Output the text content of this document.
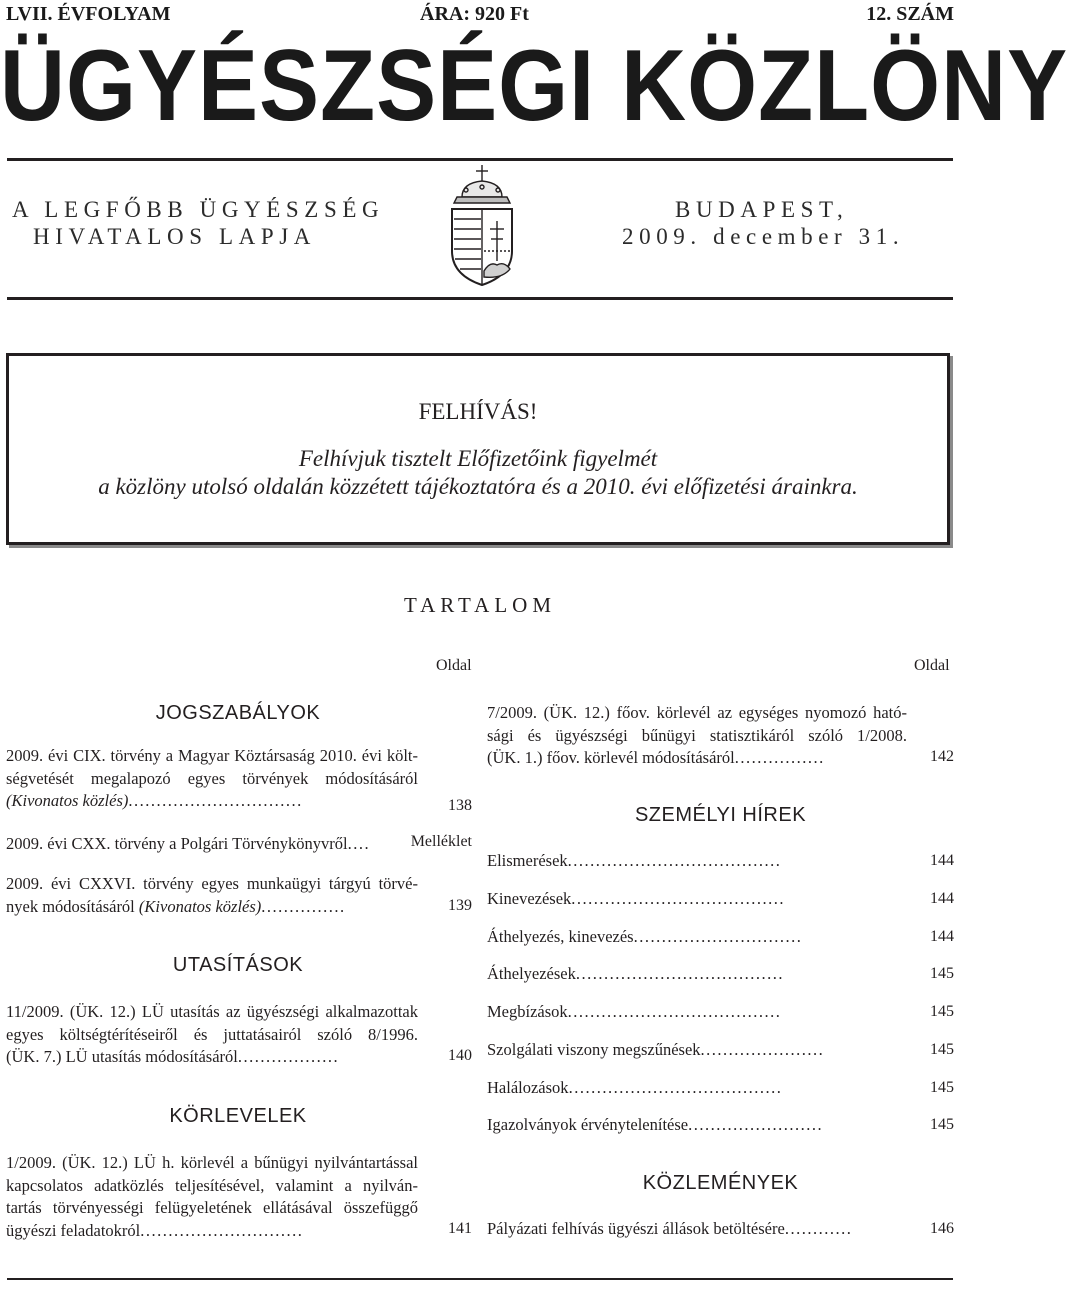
LVII. ÉVFOLYAM	ÁRA: 920 Ft	12. SZÁM
ÜGYÉSZSÉGI KÖZLÖNY
A LEGFŐBB ÜGYÉSZSÉG
HIVATALOS LAPJA
BUDAPEST,
2009. december 31.
FELHÍVÁS!
Felhívjuk tisztelt Előfizetőink figyelmét
a közlöny utolsó oldalán közzétett tájékoztatóra és a 2010. évi előfizetési árainkra.
TARTALOM
Oldal	Oldal
JOGSZABÁLYOK
2009. évi CIX. törvény a Magyar Köztársaság 2010. évi költ-
ségvetését megalapozó egyes törvények módosításáról
(Kivonatos közlés)...............................	138
2009. évi CXX. törvény a Polgári Törvénykönyvről....	Melléklet
2009. évi CXXVI. törvény egyes munkaügyi tárgyú törvé-
nyek módosításáról (Kivonatos közlés)...............	139
UTASÍTÁSOK
11/2009. (ÜK. 12.) LÜ utasítás az ügyészségi alkalmazottak
egyes költségtérítéseiről és juttatásairól szóló 8/1996.
(ÜK. 7.) LÜ utasítás módosításáról..................	140
KÖRLEVELEK
1/2009. (ÜK. 12.) LÜ h. körlevél a bűnügyi nyilvántartással
kapcsolatos adatközlés teljesítésével, valamint a nyilván-
tartás törvényességi felügyeletének ellátásával összefüggő
ügyészi feladatokról.............................	141
7/2009. (ÜK. 12.) főov. körlevél az egységes nyomozó ható-
sági és ügyészségi bűnügyi statisztikáról szóló 1/2008.
(ÜK. 1.) főov. körlevél módosításáról................	142
SZEMÉLYI HÍREK
Elismerések......................................	144
Kinevezések......................................	144
Áthelyezés, kinevezés..............................	144
Áthelyezések.....................................	145
Megbízások......................................	145
Szolgálati viszony megszűnések......................	145
Halálozások......................................	145
Igazolványok érvénytelenítése........................	145
KÖZLEMÉNYEK
Pályázati felhívás ügyészi állások betöltésére............	146
